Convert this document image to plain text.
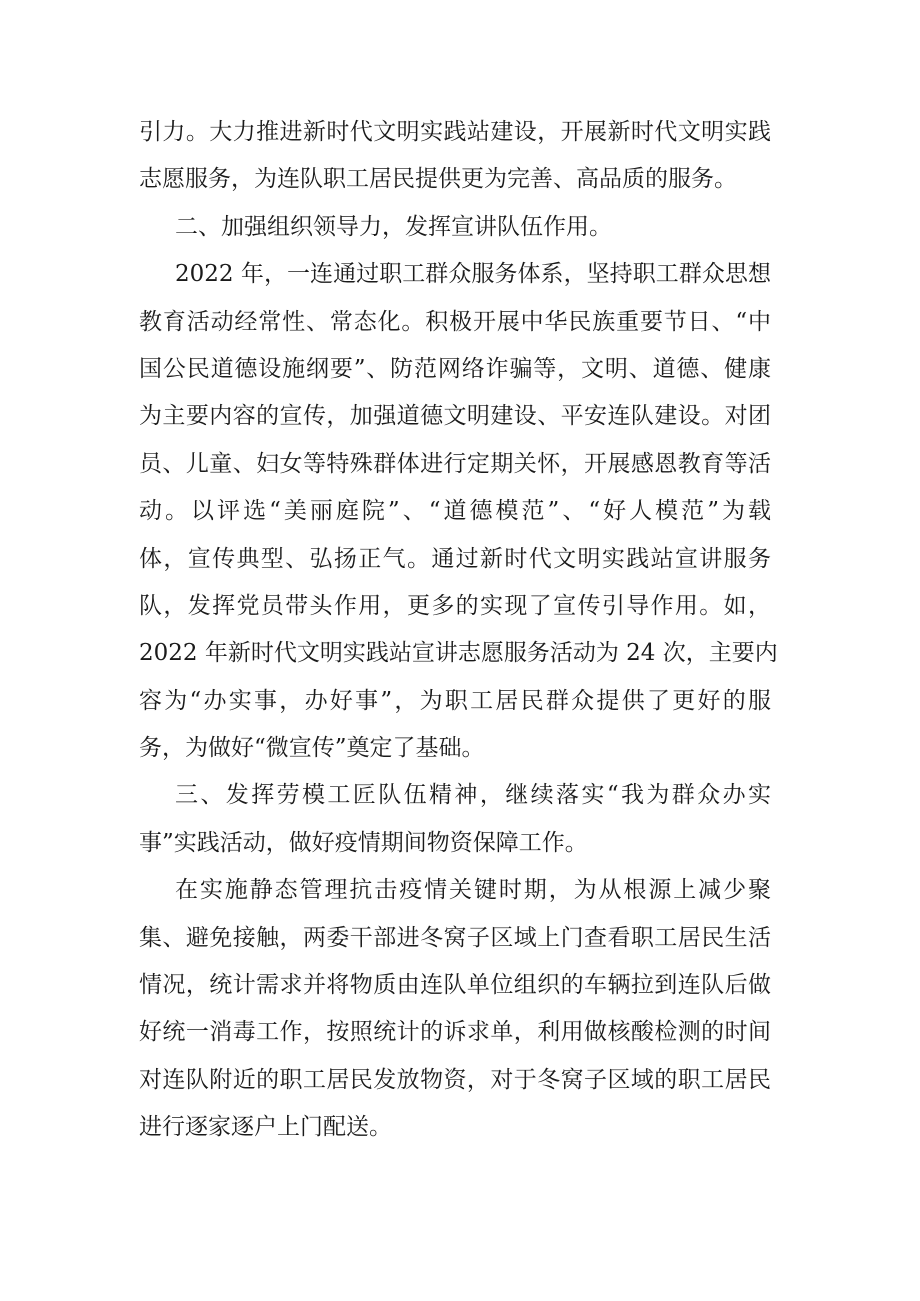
引力。大力推进新时代文明实践站建设，开展新时代文明实践
志愿服务，为连队职工居民提供更为完善、高品质的服务。
二、加强组织领导力，发挥宣讲队伍作用。
2022 年，一连通过职工群众服务体系，坚持职工群众思想
教育活动经常性、常态化。积极开展中华民族重要节日、“中
国公民道德设施纲要”、防范网络诈骗等，文明、道德、健康
为主要内容的宣传，加强道德文明建设、平安连队建设。对团
员、儿童、妇女等特殊群体进行定期关怀，开展感恩教育等活
动。以评选“美丽庭院”、“道德模范”、“好人模范”为载
体，宣传典型、弘扬正气。通过新时代文明实践站宣讲服务
队，发挥党员带头作用，更多的实现了宣传引导作用。如，
2022 年新时代文明实践站宣讲志愿服务活动为 24 次，主要内
容为“办实事，办好事”，为职工居民群众提供了更好的服
务，为做好“微宣传”奠定了基础。
三、发挥劳模工匠队伍精神，继续落实“我为群众办实
事”实践活动，做好疫情期间物资保障工作。
在实施静态管理抗击疫情关键时期，为从根源上减少聚
集、避免接触，两委干部进冬窝子区域上门查看职工居民生活
情况，统计需求并将物质由连队单位组织的车辆拉到连队后做
好统一消毒工作，按照统计的诉求单，利用做核酸检测的时间
对连队附近的职工居民发放物资，对于冬窝子区域的职工居民
进行逐家逐户上门配送。
